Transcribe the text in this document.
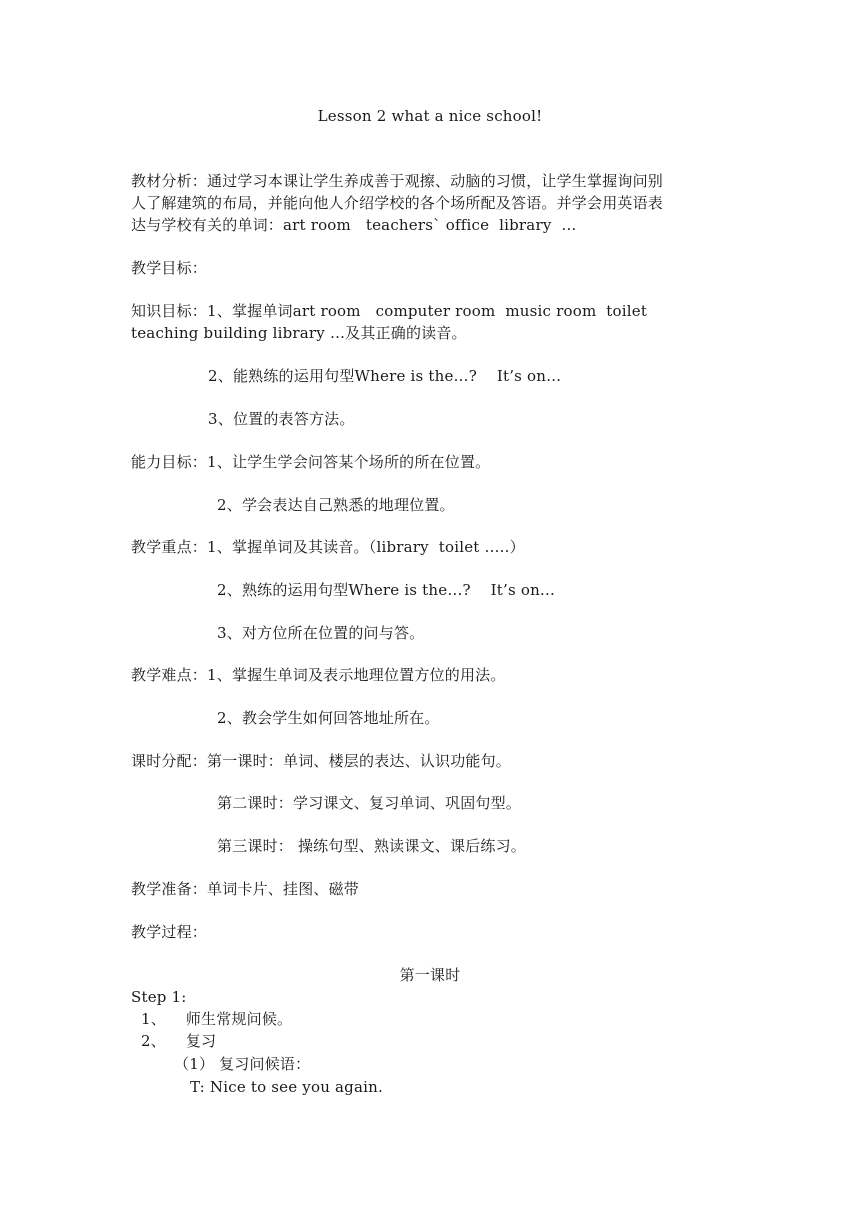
Lesson 2 what a nice school!
教材分析：通过学习本课让学生养成善于观擦、动脑的习惯，让学生掌握询问别
人了解建筑的布局，并能向他人介绍学校的各个场所配及答语。并学会用英语表
达与学校有关的单词：art room   teachers` office  library  …
教学目标：
知识目标：1、掌握单词art room   computer room  music room  toilet
teaching building library …及其正确的读音。
2、能熟练的运用句型Where is the…?    It’s on…
3、位置的表答方法。
能力目标：1、让学生学会问答某个场所的所在位置。
2、学会表达自己熟悉的地理位置。
教学重点：1、掌握单词及其读音。（library  toilet …..）
2、熟练的运用句型Where is the…?    It’s on…
3、对方位所在位置的问与答。
教学难点：1、掌握生单词及表示地理位置方位的用法。
2、教会学生如何回答地址所在。
课时分配：第一课时：单词、楼层的表达、认识功能句。
第二课时：学习课文、复习单词、巩固句型。
第三课时： 操练句型、熟读课文、课后练习。
教学准备：单词卡片、挂图、磁带
教学过程：
第一课时
Step 1:
1、    师生常规问候。
2、    复习
（1） 复习问候语：
T: Nice to see you again.
